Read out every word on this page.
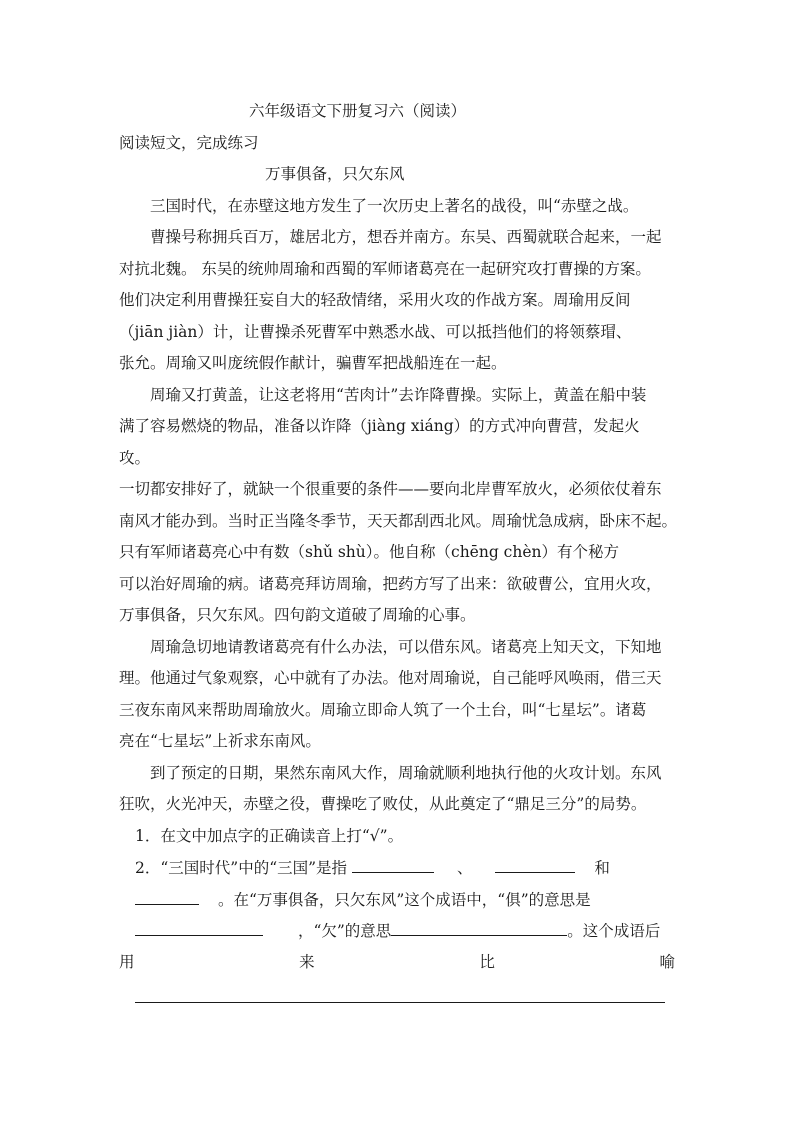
六年级语文下册复习六（阅读）
阅读短文，完成练习
万事俱备，只欠东风
三国时代，在赤壁这地方发生了一次历史上著名的战役，叫“赤壁之战。
曹操号称拥兵百万，雄居北方，想吞并南方。东吴、西蜀就联合起来，一起
对抗北魏。 东吴的统帅周瑜和西蜀的军师诸葛亮在一起研究攻打曹操的方案。
他们决定利用曹操狂妄自大的轻敌情绪，采用火攻的作战方案。周瑜用反间
（jiān jiàn）计，让曹操杀死曹军中熟悉水战、可以抵挡他们的将领蔡瑁、
张允。周瑜又叫庞统假作献计，骗曹军把战船连在一起。
周瑜又打黄盖，让这老将用“苦肉计”去诈降曹操。实际上，黄盖在船中装
满了容易燃烧的物品，准备以诈降（jiàng xiáng）的方式冲向曹营，发起火
攻。
一切都安排好了，就缺一个很重要的条件——要向北岸曹军放火，必须依仗着东
南风才能办到。当时正当隆冬季节，天天都刮西北风。周瑜忧急成病，卧床不起。
只有军师诸葛亮心中有数（shǔ shù）。他自称（chēng chèn）有个秘方
可以治好周瑜的病。诸葛亮拜访周瑜，把药方写了出来：欲破曹公，宜用火攻，
万事俱备，只欠东风。四句韵文道破了周瑜的心事。
周瑜急切地请教诸葛亮有什么办法，可以借东风。诸葛亮上知天文，下知地
理。他通过气象观察，心中就有了办法。他对周瑜说，自己能呼风唤雨，借三天
三夜东南风来帮助周瑜放火。周瑜立即命人筑了一个土台，叫“七星坛”。诸葛
亮在“七星坛”上祈求东南风。
到了预定的日期，果然东南风大作，周瑜就顺利地执行他的火攻计划。东风
狂吹，火光冲天，赤壁之役，曹操吃了败仗，从此奠定了“鼎足三分”的局势。
1．在文中加点字的正确读音上打“√”。
2．“三国时代”中的“三国”是指	、	和
。在“万事俱备，只欠东风”这个成语中，“俱”的意思是
，“欠”的意思	。这个成语后
用	来	比	喻
